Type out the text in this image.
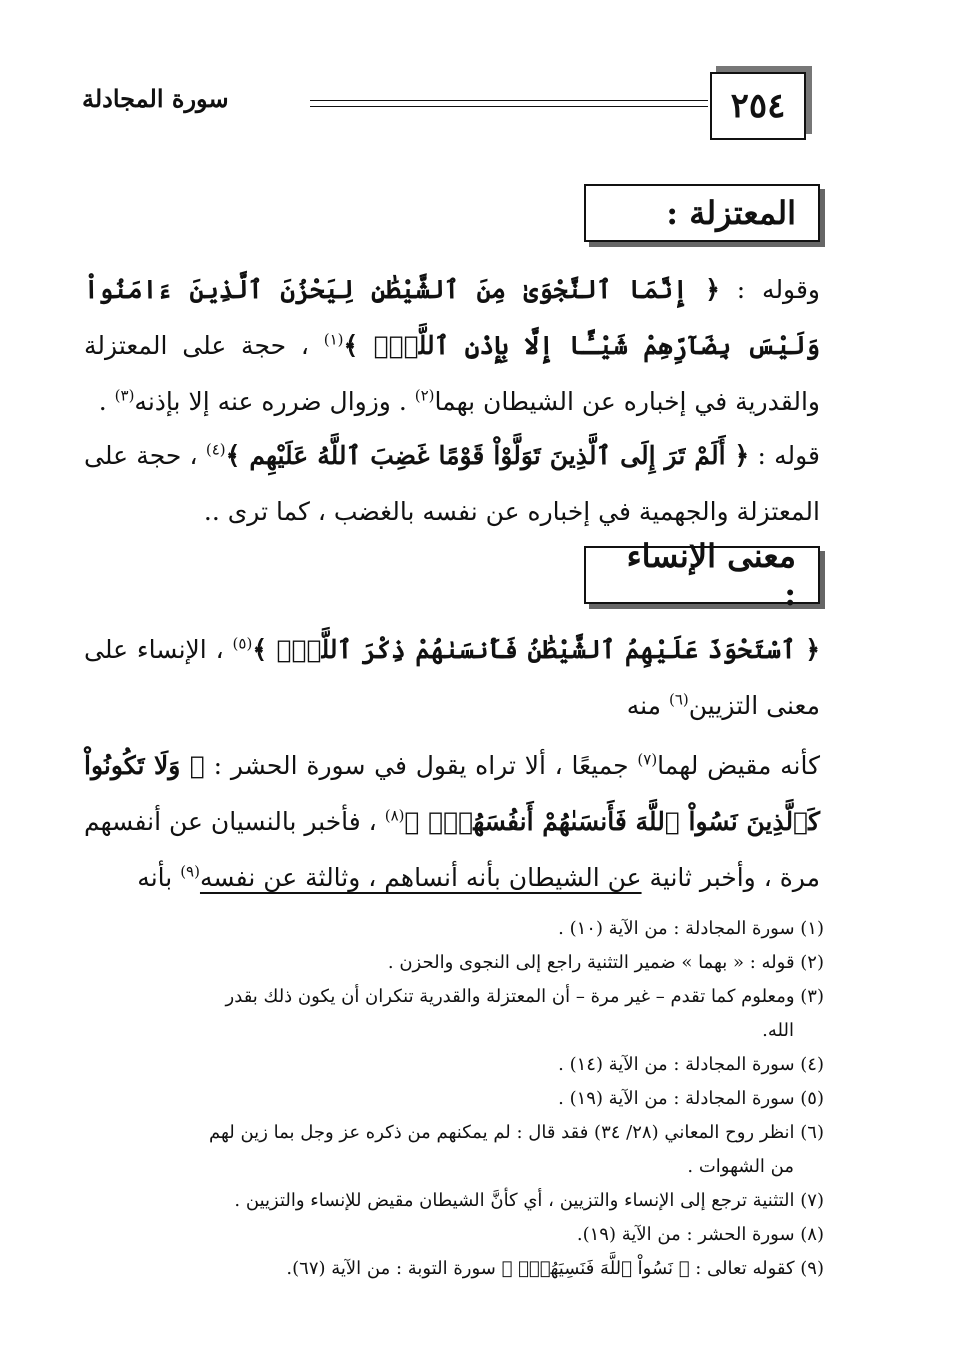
٢٥٤
سورة المجادلة
المعتزلة :
وقوله : ﴿ إِنَّمَا ٱلنَّجْوَىٰ مِنَ ٱلشَّيْطَٰنِ لِيَحْزُنَ ٱلَّذِينَ ءَامَنُواْ وَلَيْسَ بِضَآرِّهِمْ شَيْـًٔا إِلَّا بِإِذْنِ ٱللَّهِۚ ﴾$^{(١)}$ ، حجة على المعتزلة والقدرية في إخباره عن الشيطان بهما$^{(٢)}$ . وزوال ضرره عنه إلا بإذنه$^{(٣)}$ .
قوله : ﴿ أَلَمْ تَرَ إِلَى ٱلَّذِينَ تَوَلَّوْاْ قَوْمًا غَضِبَ ٱللَّهُ عَلَيْهِم ﴾$^{(٤)}$ ، حجة على المعتزلة والجهمية في إخباره عن نفسه بالغضب ، كما ترى ..
معنى الإنساء :
﴿ ٱسْتَحْوَذَ عَلَيْهِمُ ٱلشَّيْطَٰنُ فَأَنسَىٰهُمْ ذِكْرَ ٱللَّهِۚ ﴾$^{(٥)}$ ، الإنساء على معنى التزيين$^{(٦)}$ منه
كأنه مقيض لهما$^{(٧)}$ جميعًا ، ألا تراه يقول في سورة الحشر : ﴿ وَلَا تَكُونُواْ كَٱلَّذِينَ نَسُواْ ٱللَّهَ فَأَنسَىٰهُمْ أَنفُسَهُمْۚ ﴾$^{(٨)}$ ، فأخبر بالنسيان عن أنفسهم مرة ، وأخبر ثانية عن الشيطان بأنه أنساهم ، وثالثة عن نفسه$^{(٩)}$ بأنه
(١) سورة المجادلة : من الآية (١٠) .
(٢) قوله : « بهما » ضمير التثنية راجع إلى النجوى والحزن .
(٣) ومعلوم كما تقدم – غير مرة – أن المعتزلة والقدرية تنكران أن يكون ذلك بقدر
الله.
(٤) سورة المجادلة : من الآية (١٤) .
(٥) سورة المجادلة : من الآية (١٩) .
(٦) انظر روح المعاني (٢٨/ ٣٤) فقد قال : لم يمكنهم من ذكره عز وجل بما زين لهم
من الشهوات .
(٧) التثنية ترجع إلى الإنساء والتزيين ، أي كأنَّ الشيطان مقيض للإنساء والتزيين .
(٨) سورة الحشر : من الآية (١٩).
(٩) كقوله تعالى : ﴿ نَسُواْ ٱللَّهَ فَنَسِيَهُمْۚ ﴾ سورة التوبة : من الآية (٦٧).
